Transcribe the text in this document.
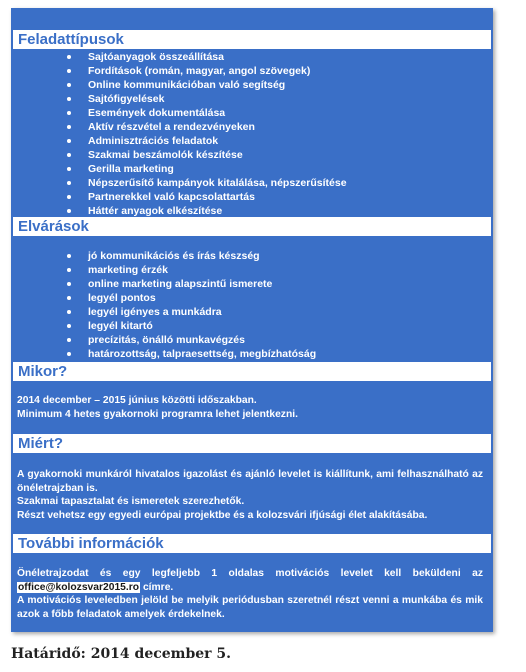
Feladattípusok
Sajtóanyagok összeállítása
Fordítások (román, magyar, angol szövegek)
Online kommunikációban való segítség
Sajtófigyelések
Események dokumentálása
Aktív részvétel a rendezvényeken
Adminisztrációs feladatok
Szakmai beszámolók készítése
Gerilla marketing
Népszerűsítő kampányok kitalálása, népszerűsítése
Partnerekkel való kapcsolattartás
Háttér anyagok elkészítése
Elvárások
jó kommunikációs és írás készség
marketing érzék
online marketing alapszintű ismerete
legyél pontos
legyél igényes a munkádra
legyél kitartó
precízitás, önálló munkavégzés
határozottság, talpraesettség, megbízhatóság
Mikor?

2014 december – 2015 június közötti időszakban.

Minimum 4 hetes gyakornoki programra lehet jelentkezni.

Miért?

A gyakornoki munkáról hivatalos igazolást és ajánló levelet is kiállítunk, ami felhasználható az önéletrajzban is.

Szakmai tapasztalat és ismeretek szerezhetők.

Részt vehetsz egy egyedi európai projektbe és a kolozsvári ifjúsági élet alakításába.

További információk

Önéletrajzodat és egy legfeljebb 1 oldalas motivációs levelet kell beküldeni az office@kolozsvar2015.ro címre.

A motivációs leveledben jelöld be melyik periódusban szeretnél részt venni a munkába és mik azok a főbb feladatok amelyek érdekelnek.

Határidő: 2014 december 5.
